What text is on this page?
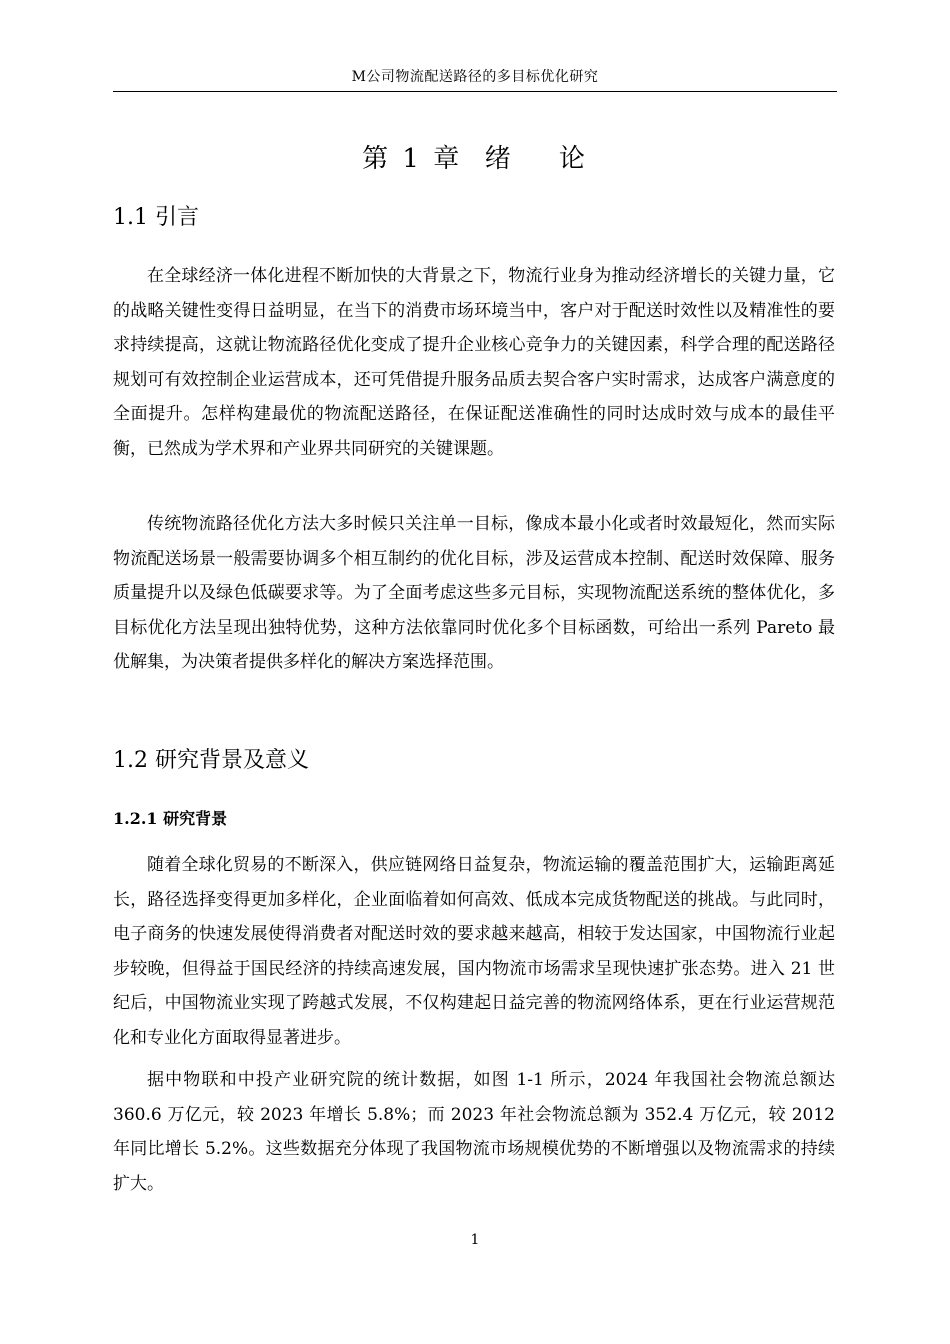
M公司物流配送路径的多目标优化研究
第 1 章  绪    论
1.1 引言

在全球经济一体化进程不断加快的大背景之下，物流行业身为推动经济增长的关键力量，它的战略关键性变得日益明显，在当下的消费市场环境当中，客户对于配送时效性以及精准性的要求持续提高，这就让物流路径优化变成了提升企业核心竞争力的关键因素，科学合理的配送路径规划可有效控制企业运营成本，还可凭借提升服务品质去契合客户实时需求，达成客户满意度的全面提升。怎样构建最优的物流配送路径，在保证配送准确性的同时达成时效与成本的最佳平衡，已然成为学术界和产业界共同研究的关键课题。

传统物流路径优化方法大多时候只关注单一目标，像成本最小化或者时效最短化，然而实际物流配送场景一般需要协调多个相互制约的优化目标，涉及运营成本控制、配送时效保障、服务质量提升以及绿色低碳要求等。为了全面考虑这些多元目标，实现物流配送系统的整体优化，多目标优化方法呈现出独特优势，这种方法依靠同时优化多个目标函数，可给出一系列 Pareto 最优解集，为决策者提供多样化的解决方案选择范围。

1.2 研究背景及意义
1.2.1 研究背景

随着全球化贸易的不断深入，供应链网络日益复杂，物流运输的覆盖范围扩大，运输距离延长，路径选择变得更加多样化，企业面临着如何高效、低成本完成货物配送的挑战。与此同时，电子商务的快速发展使得消费者对配送时效的要求越来越高，相较于发达国家，中国物流行业起步较晚，但得益于国民经济的持续高速发展，国内物流市场需求呈现快速扩张态势。进入 21 世纪后，中国物流业实现了跨越式发展，不仅构建起日益完善的物流网络体系，更在行业运营规范化和专业化方面取得显著进步。

据中物联和中投产业研究院的统计数据，如图 1-1 所示，2024 年我国社会物流总额达 360.6 万亿元，较 2023 年增长 5.8%；而 2023 年社会物流总额为 352.4 万亿元，较 2012 年同比增长 5.2%。这些数据充分体现了我国物流市场规模优势的不断增强以及物流需求的持续扩大。

1
